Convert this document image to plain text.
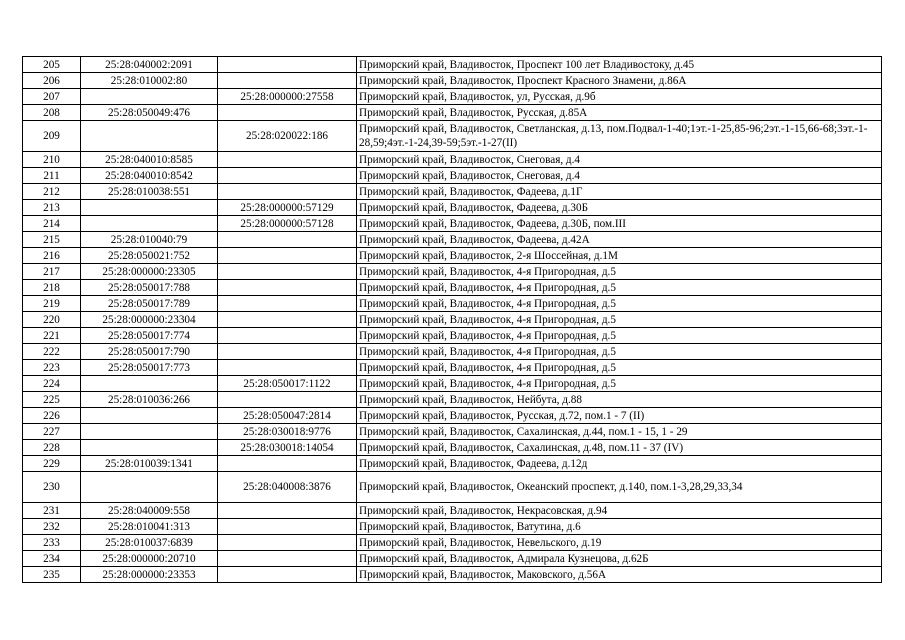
205	25:28:040002:2091		Приморский край, Владивосток, Проспект 100 лет Владивостоку, д.45
206	25:28:010002:80		Приморский край, Владивосток, Проспект Красного Знамени, д.86А
207		25:28:000000:27558	Приморский край, Владивосток, ул, Русская, д.9б
208	25:28:050049:476		Приморский край, Владивосток, Русская, д.85А
209		25:28:020022:186	Приморский край, Владивосток, Светланская, д.13, пом.Подвал-1-40;1эт.-1-25,85-96;2эт.-1-15,66-68;3эт.-1-28,59;4эт.-1-24,39-59;5эт.-1-27(II)
210	25:28:040010:8585		Приморский край, Владивосток, Снеговая, д.4
211	25:28:040010:8542		Приморский край, Владивосток, Снеговая, д.4
212	25:28:010038:551		Приморский край, Владивосток, Фадеева, д.1Г
213		25:28:000000:57129	Приморский край, Владивосток, Фадеева, д.30Б
214		25:28:000000:57128	Приморский край, Владивосток, Фадеева, д.30Б, пом.III
215	25:28:010040:79		Приморский край, Владивосток, Фадеева, д.42А
216	25:28:050021:752		Приморский край, Владивосток, 2-я Шоссейная, д.1М
217	25:28:000000:23305		Приморский край, Владивосток, 4-я Пригородная, д.5
218	25:28:050017:788		Приморский край, Владивосток, 4-я Пригородная, д.5
219	25:28:050017:789		Приморский край, Владивосток, 4-я Пригородная, д.5
220	25:28:000000:23304		Приморский край, Владивосток, 4-я Пригородная, д.5
221	25:28:050017:774		Приморский край, Владивосток, 4-я Пригородная, д.5
222	25:28:050017:790		Приморский край, Владивосток, 4-я Пригородная, д.5
223	25:28:050017:773		Приморский край, Владивосток, 4-я Пригородная, д.5
224		25:28:050017:1122	Приморский край, Владивосток, 4-я Пригородная, д.5
225	25:28:010036:266		Приморский край, Владивосток, Нейбута, д.88
226		25:28:050047:2814	Приморский край, Владивосток, Русская, д.72, пом.1 - 7 (II)
227		25:28:030018:9776	Приморский край, Владивосток, Сахалинская, д.44, пом.1 - 15, 1 - 29
228		25:28:030018:14054	Приморский край, Владивосток, Сахалинская, д.48, пом.11 - 37 (IV)
229	25:28:010039:1341		Приморский край, Владивосток, Фадеева, д.12д
230		25:28:040008:3876	Приморский край, Владивосток, Океанский проспект, д.140, пом.1-3,28,29,33,34
231	25:28:040009:558		Приморский край, Владивосток, Некрасовская, д.94
232	25:28:010041:313		Приморский край, Владивосток, Ватутина, д.6
233	25:28:010037:6839		Приморский край, Владивосток, Невельского, д.19
234	25:28:000000:20710		Приморский край, Владивосток, Адмирала Кузнецова, д.62Б
235	25:28:000000:23353		Приморский край, Владивосток, Маковского, д.56А
